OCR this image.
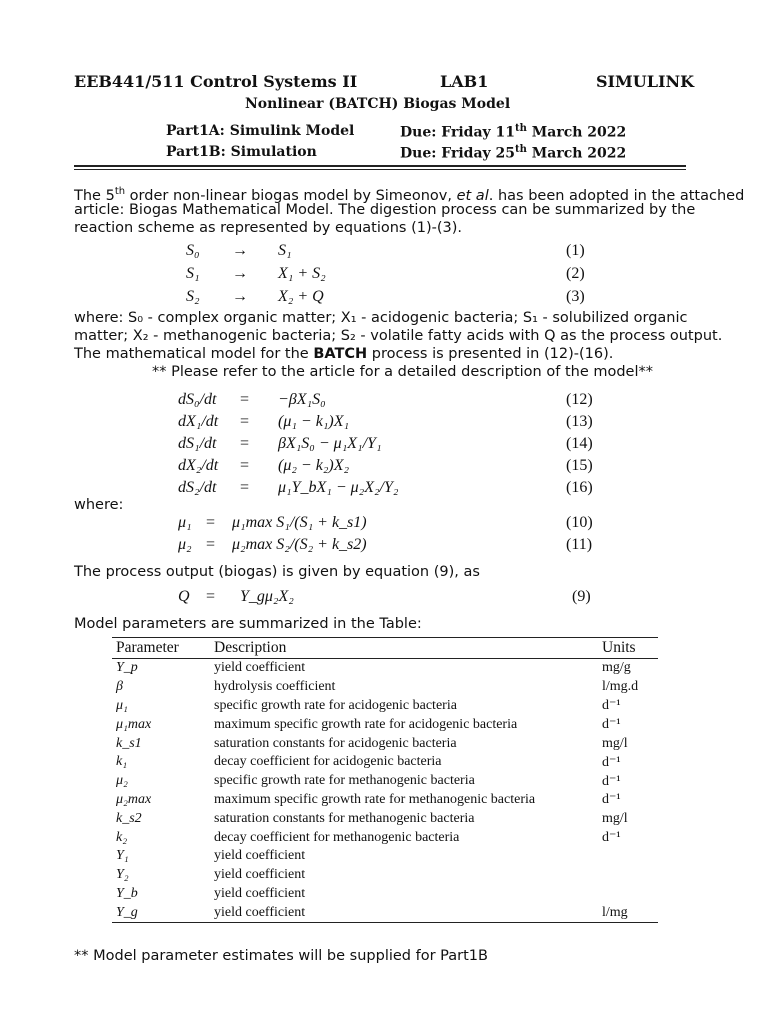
EEB441/511 Control Systems II	LAB1	SIMULINK
Nonlinear (BATCH) Biogas Model
Part1A: Simulink Model	Due: Friday 11th March 2022
Part1B: Simulation	Due: Friday 25th March 2022
The 5th order non-linear biogas model by Simeonov, et al. has been adopted in the attached
article: Biogas Mathematical Model. The digestion process can be summarized by the
reaction scheme as represented by equations (1)-(3).
S₀ → S₁	(1)
S₁ → X₁ + S₂	(2)
S₂ → X₂ + Q	(3)
where: S₀ - complex organic matter; X₁ - acidogenic bacteria; S₁ - solubilized organic
matter; X₂ - methanogenic bacteria; S₂ - volatile fatty acids with Q as the process output.
The mathematical model for the BATCH process is presented in (12)-(16).
** Please refer to the article for a detailed description of the model**
dS₀/dt = −βX₁S₀	(12)
dX₁/dt = (μ₁ − k₁)X₁	(13)
dS₁/dt = βX₁S₀ − μ₁X₁/Y₁	(14)
dX₂/dt = (μ₂ − k₂)X₂	(15)
dS₂/dt = μ₁Y_bX₁ − μ₂X₂/Y₂	(16)
where:
μ₁ = μ₁max S₁/(S₁ + k_s1)	(10)
μ₂ = μ₂max S₂/(S₂ + k_s2)	(11)
The process output (biogas) is given by equation (9), as
Q = Y_gμ₂X₂	(9)
Model parameters are summarized in the Table:
Parameter	Description	Units
Y_p	yield coefficient	mg/g
β	hydrolysis coefficient	l/mg.d
μ₁	specific growth rate for acidogenic bacteria	d⁻¹
μ₁max	maximum specific growth rate for acidogenic bacteria	d⁻¹
k_s1	saturation constants for acidogenic bacteria	mg/l
k₁	decay coefficient for acidogenic bacteria	d⁻¹
μ₂	specific growth rate for methanogenic bacteria	d⁻¹
μ₂max	maximum specific growth rate for methanogenic bacteria	d⁻¹
k_s2	saturation constants for methanogenic bacteria	mg/l
k₂	decay coefficient for methanogenic bacteria	d⁻¹
Y₁	yield coefficient	
Y₂	yield coefficient	
Y_b	yield coefficient	
Y_g	yield coefficient	l/mg
** Model parameter estimates will be supplied for Part1B
